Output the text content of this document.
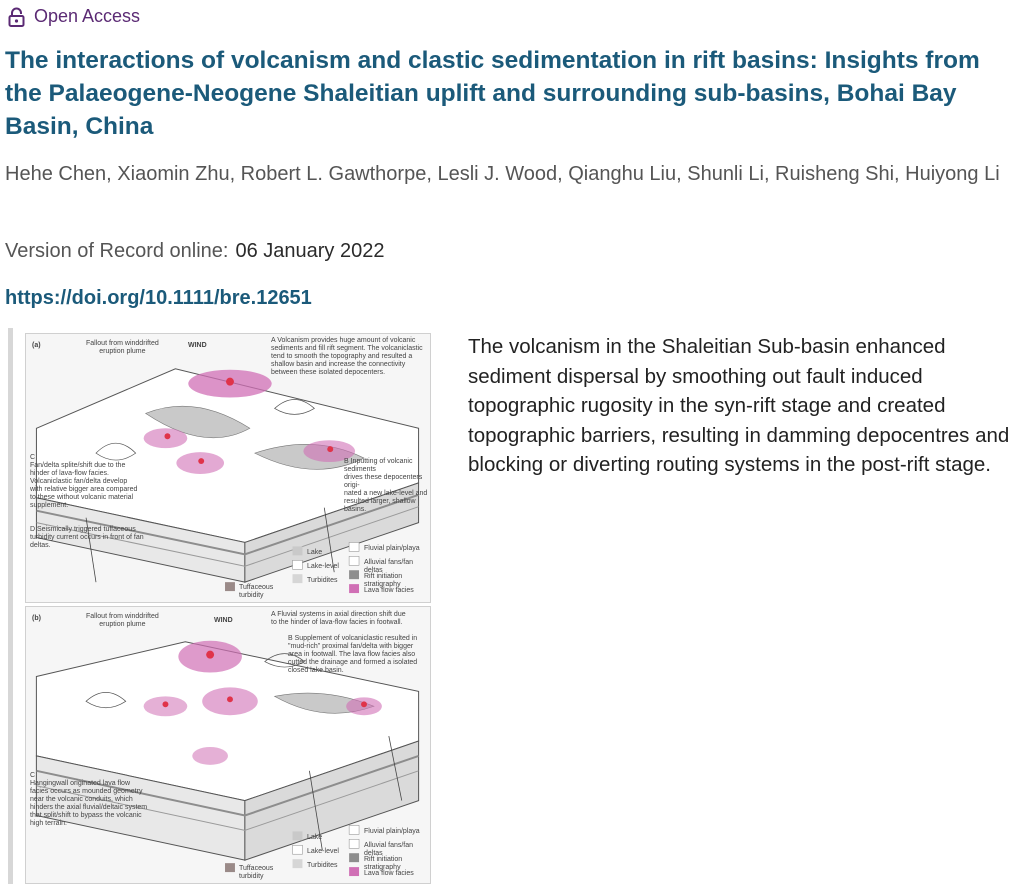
Open Access
The interactions of volcanism and clastic sedimentation in rift basins: Insights from the Palaeogene-Neogene Shaleitian uplift and surrounding sub-basins, Bohai Bay Basin, China
Hehe Chen, Xiaomin Zhu, Robert L. Gawthorpe, Lesli J. Wood, Qianghu Liu, Shunli Li, Ruisheng Shi, Huiyong Li
Version of Record online: 06 January 2022
https://doi.org/10.1111/bre.12651
(a)	Fallout from winddrifted
eruption plume
WIND
A Volcanism provides huge amount of volcanic
sediments and fill rift segment. The volcaniclastic
tend to smooth the topography and resulted a
shallow basin and increase the connectivity
between these isolated depocenters.
B Inputting of volcanic sediments
drives these depocenters origi-
nated a new lake-level and
resulted larger, shallow basins.
C
Fan/delta splite/shift due to the
hinder of lava-flow facies.
Volcaniclastic fan/delta develop
with relative bigger area compared
to these without volcanic material
supplement.
D Seismically triggered tuffaceous
turbidity current occurs in front of fan
deltas.
Lake
Lake-level
Turbidites
Tuffaceous
turbidity
Fluvial plain/playa
Alluvial fans/fan deltas
Rift initiation stratigraphy
Lava flow facies
(b)	Fallout from winddrifted
eruption plume
WIND
A Fluvial systems in axial direction shift due
to the hinder of lava-flow facies in footwall.
B Supplement of volcaniclastic resulted in
"mud-rich" proximal fan/delta with bigger
area in footwall. The lava flow facies also
cutted the drainage and formed a isolated
closed lake basin.
C
Hangingwall originated lava flow
facies occurs as mounded geometry
near the volcanic conduits, which
hinders the axial fluvial/deltaic system
that split/shift to bypass the volcanic
high terrain.
Lake
Lake-level
Turbidites
Tuffaceous
turbidity
Fluvial plain/playa
Alluvial fans/fan deltas
Rift initiation stratigraphy
Lava flow facies

The volcanism in the Shaleitian Sub-basin enhanced sediment dispersal by smoothing out fault induced topographic rugosity in the syn-rift stage and created topographic barriers, resulting in damming depocentres and blocking or diverting routing systems in the post-rift stage.
